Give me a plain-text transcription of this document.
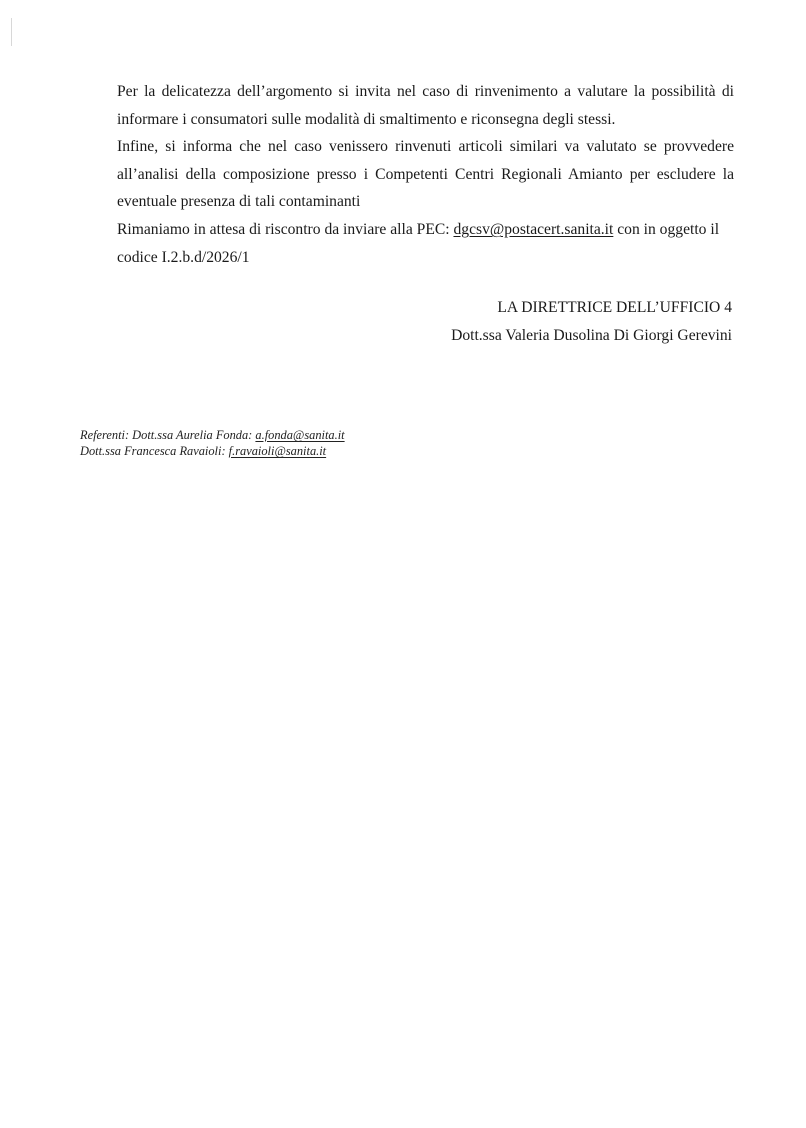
Per la delicatezza dell’argomento si invita nel caso di rinvenimento a valutare la possibilità di
informare i consumatori sulle modalità di smaltimento e riconsegna degli stessi.

Infine, si informa che nel caso venissero rinvenuti articoli similari va valutato se provvedere
all’analisi della composizione presso i Competenti Centri Regionali Amianto per escludere la
eventuale presenza di tali contaminanti

Rimaniamo in attesa di riscontro da inviare alla PEC: dgcsv@postacert.sanita.it con in oggetto il
codice I.2.b.d/2026/1

LA DIRETTRICE DELL’UFFICIO 4
Dott.ssa Valeria Dusolina Di Giorgi Gerevini
Referenti: Dott.ssa Aurelia Fonda: a.fonda@sanita.it
Dott.ssa Francesca Ravaioli: f.ravaioli@sanita.it
